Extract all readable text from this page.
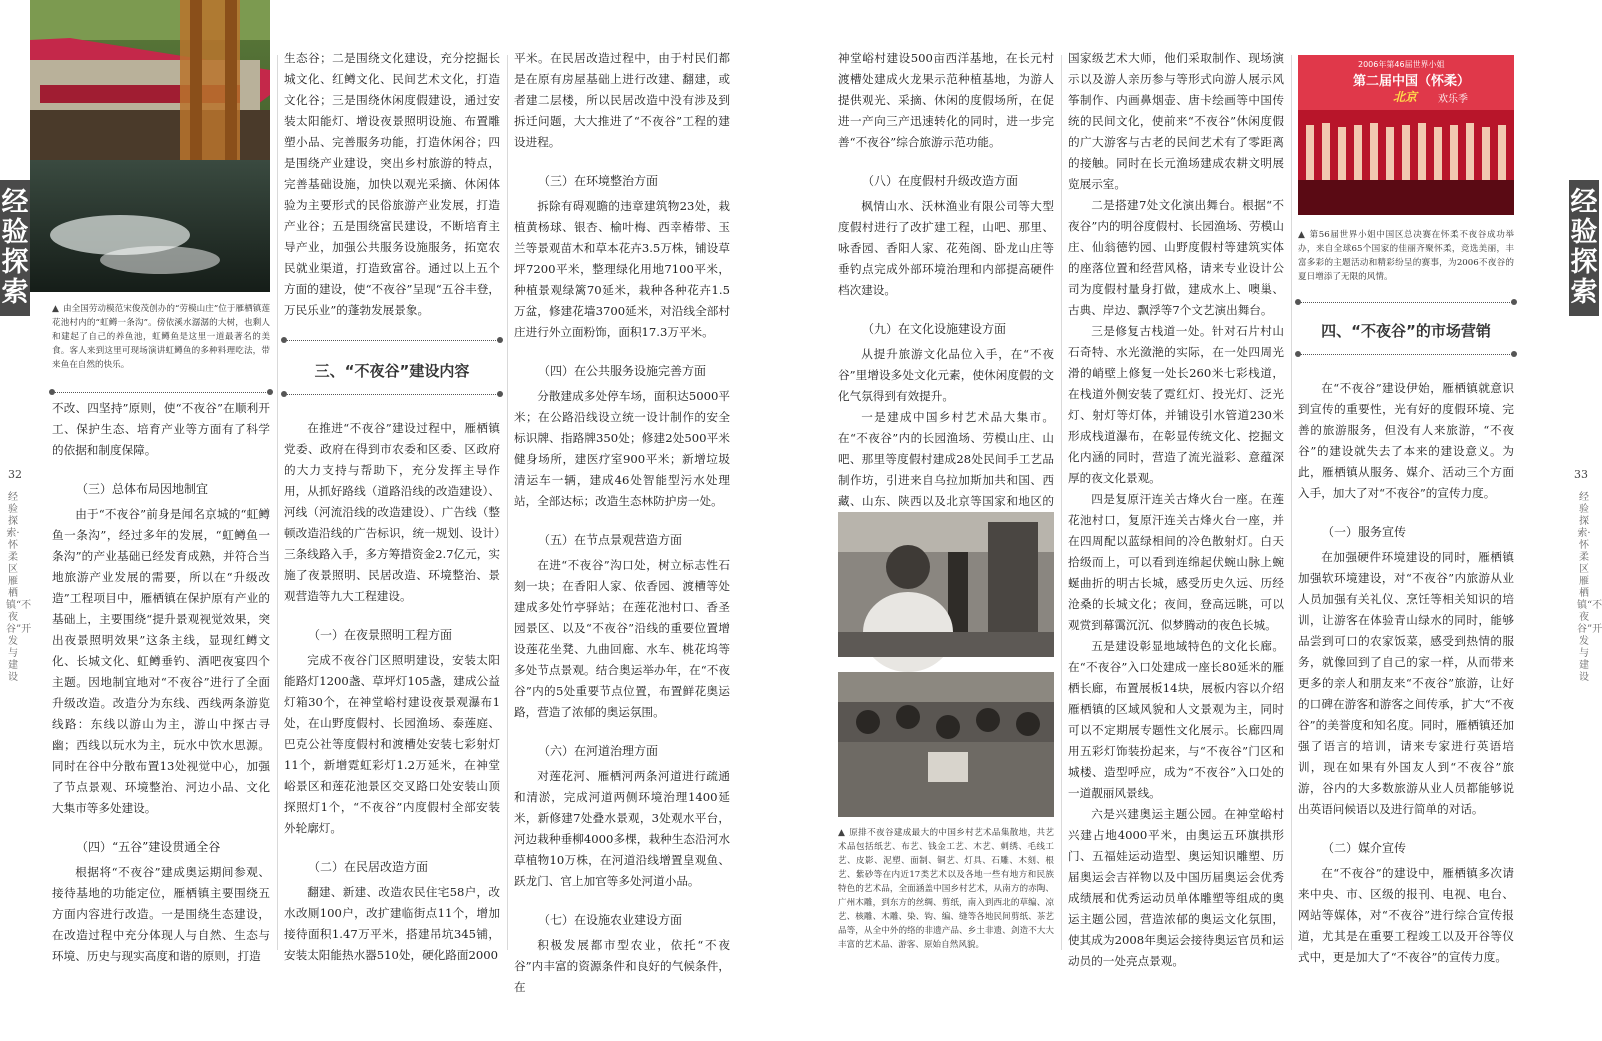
经验探索
32
经验探索·怀柔区雁栖镇“不夜谷”开发与建设
▲ 由全国劳动模范宋俊茂创办的“劳模山庄”位于雁栖镇莲花池村内的“虹鳟一条沟”。傍依溪水潺潺的大树，也剩人和建起了自己的养鱼池，虹鳟鱼是这里一道最著名的美食。客人来到这里可现场演讲虹鳟鱼的多种料理吃法，带来鱼在自然的快乐。

不改、四坚持”原则，使“不夜谷”在顺利开工、保护生态、培育产业等方面有了科学的依据和制度保障。

（三）总体布局因地制宜

由于“不夜谷”前身是闻名京城的“虹鳟鱼一条沟”，经过多年的发展，“虹鳟鱼一条沟”的产业基础已经发育成熟，并符合当地旅游产业发展的需要，所以在“升级改造”工程项目中，雁栖镇在保护原有产业的基础上，主要围绕“提升景观视觉效果，突出夜景照明效果”这条主线，显现红鳟文化、长城文化、虹鳟垂钓、酒吧夜宴四个主题。因地制宜地对“不夜谷”进行了全面升级改造。改造分为东线、西线两条游览线路：东线以游山为主，游山中探古寻幽；西线以玩水为主，玩水中饮水思源。同时在谷中分散布置13处视觉中心，加强了节点景观、环境整治、河边小品、文化大集市等多处建设。

（四）“五谷”建设贯通全谷

根据将“不夜谷”建成奥运期间参观、接待基地的功能定位，雁栖镇主要围绕五方面内容进行改造。一是围绕生态建设，在改造过程中充分体现人与自然、生态与环境、历史与现实高度和谐的原则，打造

生态谷；二是围绕文化建设，充分挖掘长城文化、红鳟文化、民间艺术文化，打造文化谷；三是围绕休闲度假建设，通过安装太阳能灯、增设夜景照明设施、布置雕塑小品、完善服务功能，打造休闲谷；四是围绕产业建设，突出乡村旅游的特点，完善基础设施，加快以观光采摘、休闲体验为主要形式的民俗旅游产业发展，打造产业谷；五是围绕富民建设，不断培育主导产业，加强公共服务设施服务，拓宽农民就业渠道，打造致富谷。通过以上五个方面的建设，使“不夜谷”呈现“五谷丰登，万民乐业”的蓬勃发展景象。

三、“不夜谷”建设内容

在推进“不夜谷”建设过程中，雁栖镇党委、政府在得到市农委和区委、区政府的大力支持与帮助下，充分发挥主导作用，从抓好路线（道路沿线的改造建设）、河线（河流沿线的改造建设）、广告线（整顿改造沿线的广告标识，统一规划、设计）三条线路入手，多方筹措资金2.7亿元，实施了夜景照明、民居改造、环境整治、景观营造等九大工程建设。

（一）在夜景照明工程方面

完成不夜谷门区照明建设，安装太阳能路灯1200盏、草坪灯105盏，建成公益灯箱30个，在神堂峪村建设夜景观瀑布1处，在山野度假村、长园渔场、泰莲庭、巴克公社等度假村和渡槽处安装七彩射灯11个，新增霓虹彩灯1.2万延米，在神堂峪景区和莲花池景区交叉路口处安装山顶探照灯1个，“不夜谷”内度假村全部安装外轮廓灯。

（二）在民居改造方面

翻建、新建、改造农民住宅58户，改水改厕100户，改扩建临街点11个，增加接待面积1.47万平米，搭建吊坑345铺，安装太阳能热水器510处，硬化路面2000

平米。在民居改造过程中，由于村民们都是在原有房屋基础上进行改建、翻建，或者建二层楼，所以民居改造中没有涉及到拆迁问题，大大推进了“不夜谷”工程的建设进程。

（三）在环境整治方面

拆除有碍观瞻的违章建筑物23处，栽植黄杨球、银杏、榆叶梅、西幸椿带、玉兰等景观苗木和草本花卉3.5万株，铺设草坪7200平米，整理绿化用地7100平米，种植景观绿篱70延米，栽种各种花卉1.5万盆，修建花墙3700延米，对沿线全部村庄进行外立面粉饰，面积17.3万平米。

（四）在公共服务设施完善方面

分散建成多处停车场，面积达5000平米；在公路沿线设立统一设计制作的安全标识牌、指路牌350处；修建2处500平米健身场所，建医疗室900平米；新增垃圾清运车一辆，建成46处智能型污水处理站，全部达标；改造生态林防护房一处。

（五）在节点景观营造方面

在进“不夜谷”沟口处，树立标志性石刻一块；在香阳人家、依香园、渡槽等处建成多处竹亭驿站；在莲花池村口、香圣园景区、以及“不夜谷”沿线的重要位置增设莲花坐凳、九曲回廊、水车、桃花坞等多处节点景观。结合奥运举办年，在“不夜谷”内的5处重要节点位置，布置鲜花奥运路，营造了浓郁的奥运氛围。

（六）在河道治理方面

对莲花河、雁栖河两条河道进行疏通和清淤，完成河道两侧环境治理1400延米，新修建7处叠水景观，3处观水平台，河边栽种垂柳4000多棵，栽种生态沿河水草植物10万株，在河道沿线增置皇观鱼、跃龙门、官上加官等多处河道小品。

（七）在设施农业建设方面

积极发展都市型农业，依托“不夜谷”内丰富的资源条件和良好的气候条件，在

神堂峪村建设500亩西洋基地，在长元村渡槽处建成火龙果示范种植基地，为游人提供观光、采摘、休闲的度假场所，在促进一产向三产迅速转化的同时，进一步完善“不夜谷”综合旅游示范功能。

（八）在度假村升级改造方面

枫情山水、沃林渔业有限公司等大型度假村进行了改扩建工程，山吧、那里、咏香园、香阳人家、花苑阁、卧龙山庄等垂钓点完成外部环境治理和内部提高硬件档次建设。

（九）在文化设施建设方面

从提升旅游文化品位入手，在“不夜谷”里增设多处文化元素，使休闲度假的文化气氛得到有效提升。

一是建成中国乡村艺术品大集市。在“不夜谷”内的长园渔场、劳模山庄、山吧、那里等度假村建成28处民间手工艺品制作坊，引进来自乌拉加斯加共和国、西藏、山东、陕西以及北京等国家和地区的

▲ 原排不夜谷建成最大的中国乡村艺术品集散地，共艺术品包括纸艺、布艺、钱金工艺、木艺、刺绣、毛线工艺、皮影、泥塑、面制、铜艺、灯具、石雕、木刻、根艺、紫砂等在内近17类艺术以及各地一些有地方和民族特色的艺术品，全面涵盖中国乡村艺术，从南方的赤陶、广州木雕，到东方的丝绸、剪纸，南入到西北的草编、凉艺、核雕、木雕、染、钩、编、缝等各地民间剪纸、茶艺品等，从全中外的络的非遗产品、乡土非遗、剑造不大大丰富的艺术品、游客、原始自然风貌。

国家级艺术大师，他们采取制作、现场演示以及游人亲历参与等形式向游人展示风筝制作、内画鼻烟壶、唐卡绘画等中国传统的民间文化，使前来“不夜谷”休闲度假的广大游客与古老的民间艺术有了零距离的接触。同时在长元渔场建成农耕文明展览展示室。

二是搭建7处文化演出舞台。根据“不夜谷”内的明谷度假村、长园渔场、劳模山庄、仙翁德钓园、山野度假村等建筑实体的座落位置和经营风格，请来专业设计公司为度假村量身打做，建成水上、噢巢、古典、岸边、飘浮等7个文艺演出舞台。

三是修复古栈道一处。针对石片村山石奇特、水光潋滟的实际，在一处四周光滑的峭壁上修复一处长260米七彩栈道，在栈道外侧安装了霓红灯、投光灯、泛光灯、射灯等灯体，并铺设引水管道230米形成栈道瀑布，在彰显传统文化、挖掘文化内涵的同时，营造了流光溢彩、意蕴深厚的夜文化景观。

四是复原汗连关古烽火台一座。在莲花池村口，复原汗连关古烽火台一座，并在四周配以蓝绿相间的冷色散射灯。白天拾级而上，可以看到连绵起伏蜿山脉上蜿蜒曲折的明古长城，感受历史久远、历经沧桑的长城文化；夜间，登高远眺，可以观赏到幕霭沉沉、似梦腾动的夜色长城。

五是建设彰显地域特色的文化长廊。在“不夜谷”入口处建成一座长80延米的雁栖长廊，布置展板14块，展板内容以介绍雁栖镇的区域风貌和人文景观为主，同时可以不定期展专题性文化展示。长廊四周用五彩灯饰装扮起来，与“不夜谷”门区和城楼、造型呼应，成为“不夜谷”入口处的一道靓丽风景线。

六是兴建奥运主题公园。在神堂峪村兴建占地4000平米，由奥运五环旗拱形门、五福娃运动造型、奥运知识雕塑、历届奥运会吉祥物以及中国历届奥运会优秀成绩展和优秀运动员单体雕塑等组成的奥运主题公园，营造浓郁的奥运文化氛围，使其成为2008年奥运会接待奥运官员和运动员的一处亮点景观。

2006年第46届世界小姐
第二届中国（怀柔）
北京 欢乐季
▲ 第56届世界小姐中国区总决赛在怀柔不夜谷成功举办，来自全球65个国家的佳丽齐聚怀柔，竞选美丽，丰富多彩的主题活动和精彩纷呈的赛事，为2006不夜谷的夏日增添了无限的风情。
四、“不夜谷”的市场营销

在“不夜谷”建设伊始，雁栖镇就意识到宣传的重要性，光有好的度假环境、完善的旅游服务，但没有人来旅游，“不夜谷”的建设就失去了本来的建设意义。为此，雁栖镇从服务、媒介、活动三个方面入手，加大了对“不夜谷”的宣传力度。

（一）服务宣传

在加强硬件环境建设的同时，雁栖镇加强软环境建设，对“不夜谷”内旅游从业人员加强有关礼仪、烹饪等相关知识的培训，让游客在体验青山绿水的同时，能够品尝到可口的农家饭菜，感受到热情的服务，就像回到了自己的家一样，从而带来更多的亲人和朋友来“不夜谷”旅游，让好的口碑在游客和游客之间传承，扩大“不夜谷”的美誉度和知名度。同时，雁栖镇还加强了语言的培训，请来专家进行英语培训，现在如果有外国友人到“不夜谷”旅游，谷内的大多数旅游从业人员都能够说出英语问候语以及进行简单的对话。

（二）媒介宣传

在“不夜谷”的建设中，雁栖镇多次请来中央、市、区级的报刊、电视、电台、网站等媒体，对“不夜谷”进行综合宣传报道，尤其是在重要工程竣工以及开谷等仪式中，更是加大了“不夜谷”的宣传力度。

经验探索
33
经验探索·怀柔区雁栖镇“不夜谷”开发与建设
